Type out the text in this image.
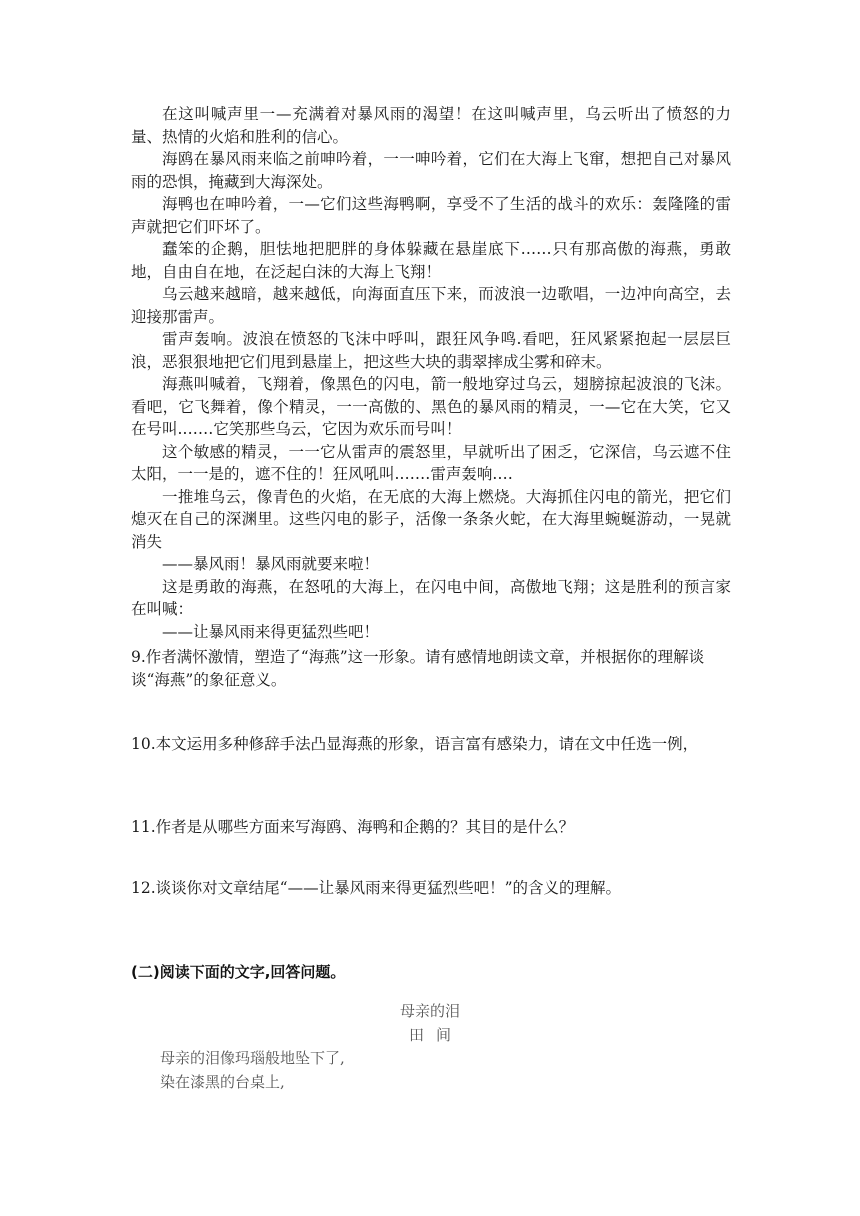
在这叫喊声里一—充满着对暴风雨的渴望！在这叫喊声里，乌云听出了愤怒的力量、热情的火焰和胜利的信心。

海鸥在暴风雨来临之前呻吟着，一一呻吟着，它们在大海上飞窜，想把自己对暴风雨的恐惧，掩藏到大海深处。

海鸭也在呻吟着，一—它们这些海鸭啊，享受不了生活的战斗的欢乐：轰隆隆的雷声就把它们吓坏了。

蠢笨的企鹅，胆怯地把肥胖的身体躲藏在悬崖底下……只有那高傲的海燕，勇敢地，自由自在地，在泛起白沫的大海上飞翔！

乌云越来越暗，越来越低，向海面直压下来，而波浪一边歌唱，一边冲向高空，去迎接那雷声。

雷声轰响。波浪在愤怒的飞沫中呼叫，跟狂风争鸣.看吧，狂风紧紧抱起一层层巨浪，恶狠狠地把它们甩到悬崖上，把这些大块的翡翠摔成尘雾和碎末。

海燕叫喊着，飞翔着，像黑色的闪电，箭一般地穿过乌云，翅膀掠起波浪的飞沫。看吧，它飞舞着，像个精灵，一一高傲的、黑色的暴风雨的精灵，一—它在大笑，它又在号叫.……它笑那些乌云，它因为欢乐而号叫！

这个敏感的精灵，一一它从雷声的震怒里，早就听出了困乏，它深信，乌云遮不住太阳，一一是的，遮不住的！狂风吼叫.……雷声轰响.…

一推堆乌云，像青色的火焰，在无底的大海上燃烧。大海抓住闪电的箭光，把它们熄灭在自己的深渊里。这些闪电的影子，活像一条条火蛇，在大海里蜿蜒游动，一晃就消失

——暴风雨！暴风雨就要来啦！

这是勇敢的海燕，在怒吼的大海上，在闪电中间，高傲地飞翔；这是胜利的预言家在叫喊：

——让暴风雨来得更猛烈些吧！

9.作者满怀激情，塑造了“海燕”这一形象。请有感情地朗读文章，并根据你的理解谈谈“海燕”的象征意义。

10.本文运用多种修辞手法凸显海燕的形象，语言富有感染力，请在文中任选一例，

11.作者是从哪些方面来写海鸥、海鸭和企鹅的？其目的是什么？

12.谈谈你对文章结尾“——让暴风雨来得更猛烈些吧！”的含义的理解。

(二)阅读下面的文字,回答问题。

母亲的泪

田间

母亲的泪像玛瑙般地坠下了,

染在漆黑的台桌上,
